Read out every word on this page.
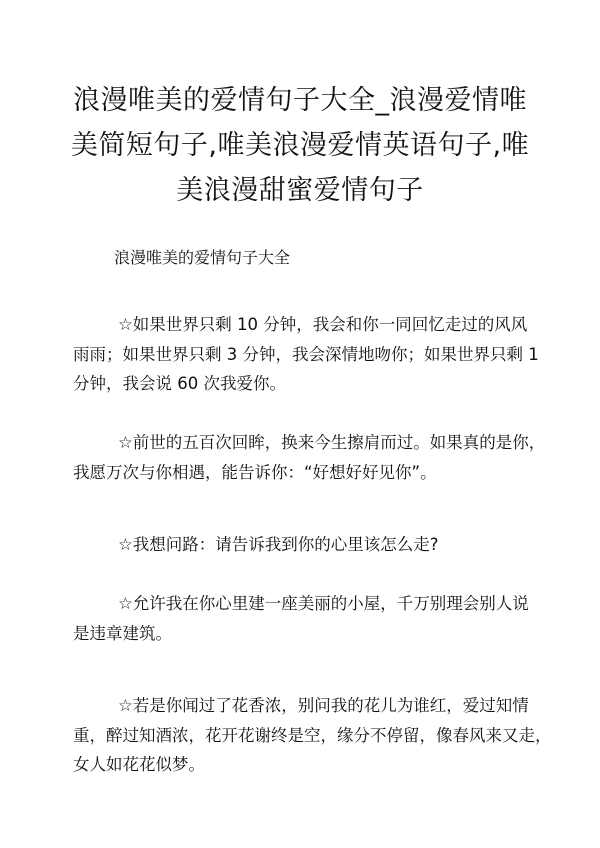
浪漫唯美的爱情句子大全_浪漫爱情唯
美简短句子,唯美浪漫爱情英语句子,唯
美浪漫甜蜜爱情句子
浪漫唯美的爱情句子大全
☆如果世界只剩 10 分钟，我会和你一同回忆走过的风风
雨雨；如果世界只剩 3 分钟，我会深情地吻你；如果世界只剩 1
分钟，我会说 60 次我爱你。
☆前世的五百次回眸，换来今生擦肩而过。如果真的是你，
我愿万次与你相遇，能告诉你：“好想好好见你”。
☆我想问路：请告诉我到你的心里该怎么走?
☆允许我在你心里建一座美丽的小屋，千万别理会别人说
是违章建筑。
☆若是你闻过了花香浓，别问我的花儿为谁红，爱过知情
重，醉过知酒浓，花开花谢终是空，缘分不停留，像春风来又走，
女人如花花似梦。
